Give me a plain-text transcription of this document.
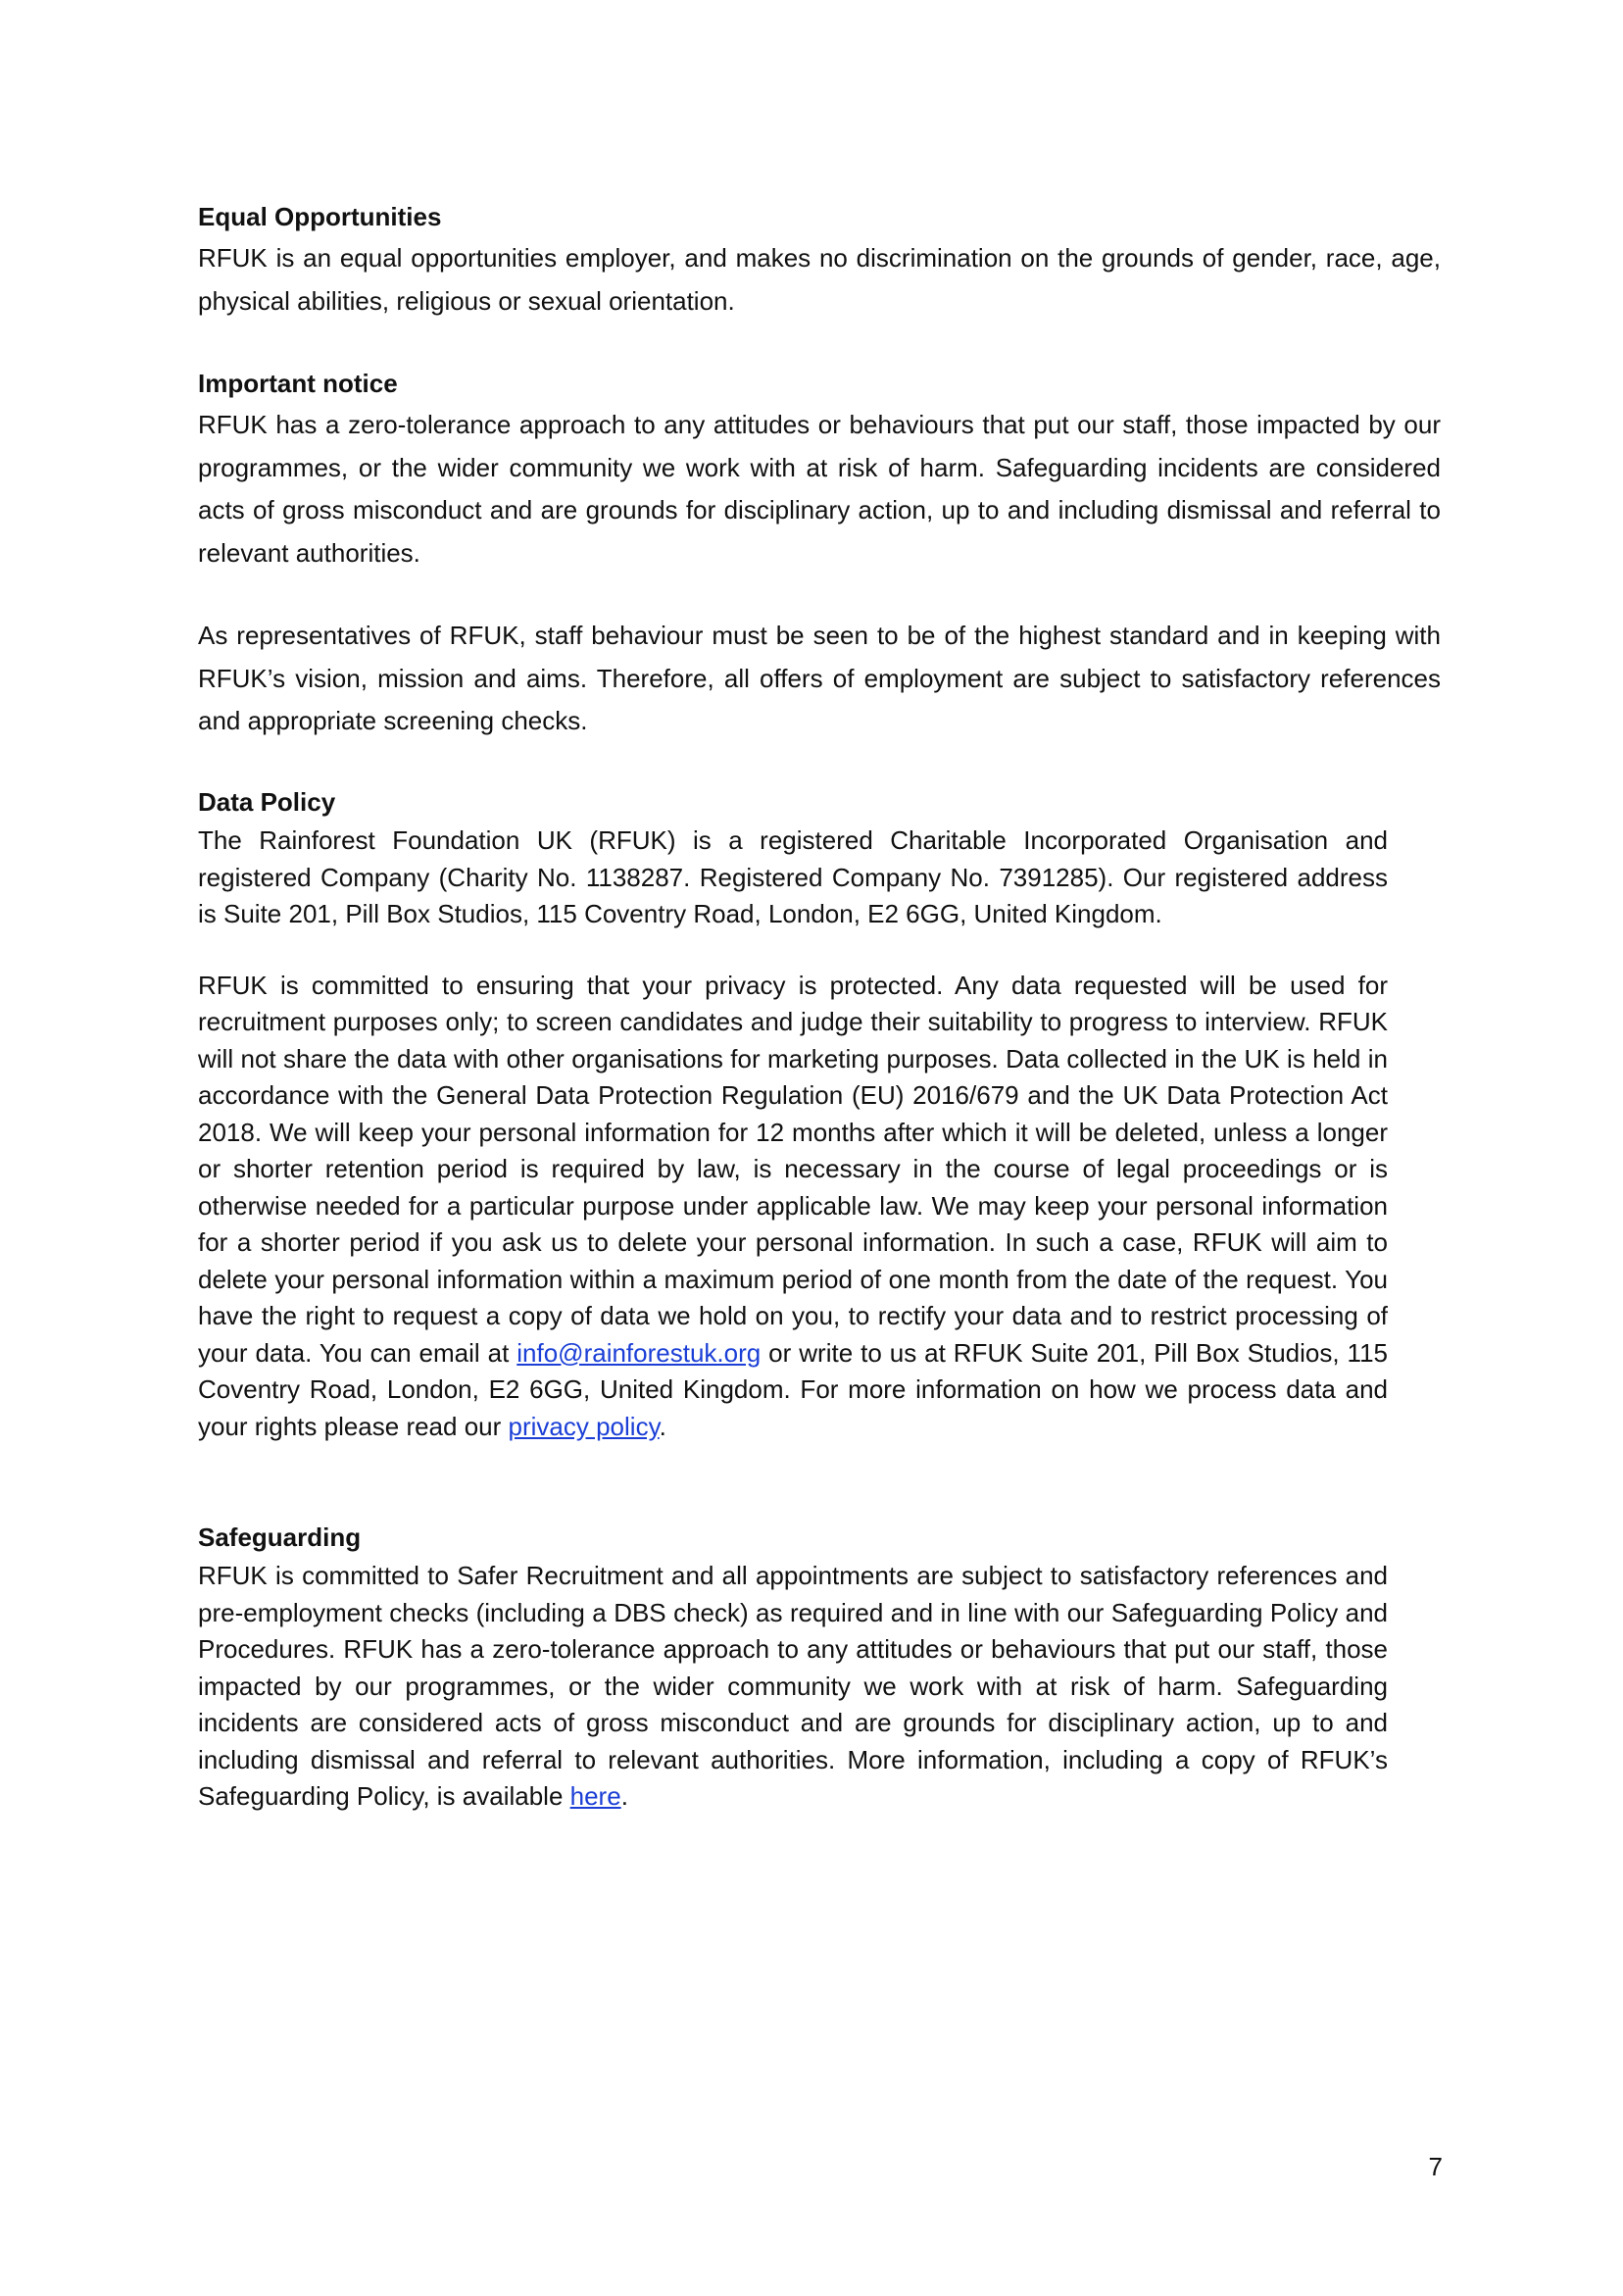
Equal Opportunities

RFUK is an equal opportunities employer, and makes no discrimination on the grounds of gender, race, age, physical abilities, religious or sexual orientation.

Important notice

RFUK has a zero-tolerance approach to any attitudes or behaviours that put our staff, those impacted by our programmes, or the wider community we work with at risk of harm. Safeguarding incidents are considered acts of gross misconduct and are grounds for disciplinary action, up to and including dismissal and referral to relevant authorities.

As representatives of RFUK, staff behaviour must be seen to be of the highest standard and in keeping with RFUK’s vision, mission and aims. Therefore, all offers of employment are subject to satisfactory references and appropriate screening checks.

Data Policy

The Rainforest Foundation UK (RFUK) is a registered Charitable Incorporated Organisation and registered Company (Charity No. 1138287. Registered Company No. 7391285). Our registered address is Suite 201, Pill Box Studios, 115 Coventry Road, London, E2 6GG, United Kingdom.

RFUK is committed to ensuring that your privacy is protected. Any data requested will be used for recruitment purposes only; to screen candidates and judge their suitability to progress to interview. RFUK will not share the data with other organisations for marketing purposes. Data collected in the UK is held in accordance with the General Data Protection Regulation (EU) 2016/679 and the UK Data Protection Act 2018. We will keep your personal information for 12 months after which it will be deleted, unless a longer or shorter retention period is required by law, is necessary in the course of legal proceedings or is otherwise needed for a particular purpose under applicable law. We may keep your personal information for a shorter period if you ask us to delete your personal information. In such a case, RFUK will aim to delete your personal information within a maximum period of one month from the date of the request. You have the right to request a copy of data we hold on you, to rectify your data and to restrict processing of your data. You can email at info@rainforestuk.org or write to us at RFUK Suite 201, Pill Box Studios, 115 Coventry Road, London, E2 6GG, United Kingdom. For more information on how we process data and your rights please read our privacy policy.

Safeguarding

RFUK is committed to Safer Recruitment and all appointments are subject to satisfactory references and pre-employment checks (including a DBS check) as required and in line with our Safeguarding Policy and Procedures. RFUK has a zero-tolerance approach to any attitudes or behaviours that put our staff, those impacted by our programmes, or the wider community we work with at risk of harm. Safeguarding incidents are considered acts of gross misconduct and are grounds for disciplinary action, up to and including dismissal and referral to relevant authorities. More information, including a copy of RFUK’s Safeguarding Policy, is available here.

7
